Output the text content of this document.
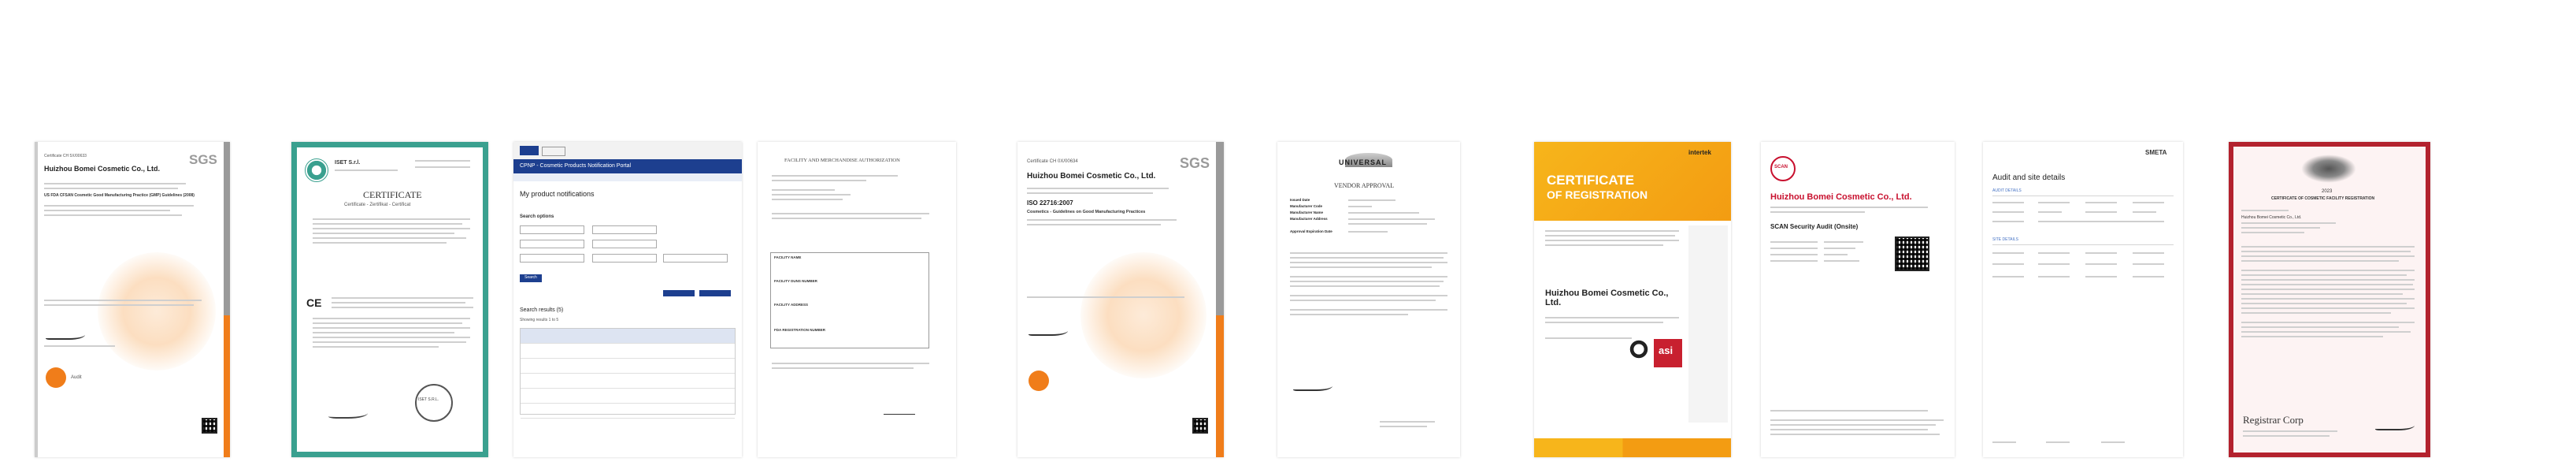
Certificate CH 5X/00633	SGS
Huizhou Bomei Cosmetic Co., Ltd.
US FDA CFSAN Cosmetic Good Manufacturing Practice (GMP) Guidelines (2008)
Audit
ISET S.r.l.
CERTIFICATE
Certificate - Zertifikat - Certificat
CE
ISET S.R.L.
CPNP - Cosmetic Products Notification Portal
My product notifications
Search options
Search
Search results (5)
Showing results 1 to 5
FACILITY AND MERCHANDISE AUTHORIZATION
FACILITY NAME
FACILITY DUNS NUMBER
FACILITY ADDRESS
FDA REGISTRATION NUMBER
Certificate CH 0X/00634	SGS
Huizhou Bomei Cosmetic Co., Ltd.
ISO 22716:2007
Cosmetics - Guidelines on Good Manufacturing Practices
UNIVERSAL
VENDOR APPROVAL
Issued Date
Manufacturer Code
Manufacturer Name
Manufacturer Address
Approval Expiration Date
intertek
CERTIFICATE
OF REGISTRATION
Huizhou Bomei Cosmetic Co., Ltd.
asi
SCAN
Huizhou Bomei Cosmetic Co., Ltd.
SCAN Security Audit (Onsite)
SMETA
Audit and site details
AUDIT DETAILS
SITE DETAILS
2023
CERTIFICATE OF COSMETIC FACILITY REGISTRATION
Huizhou Bomei Cosmetic Co., Ltd.
Registrar Corp
